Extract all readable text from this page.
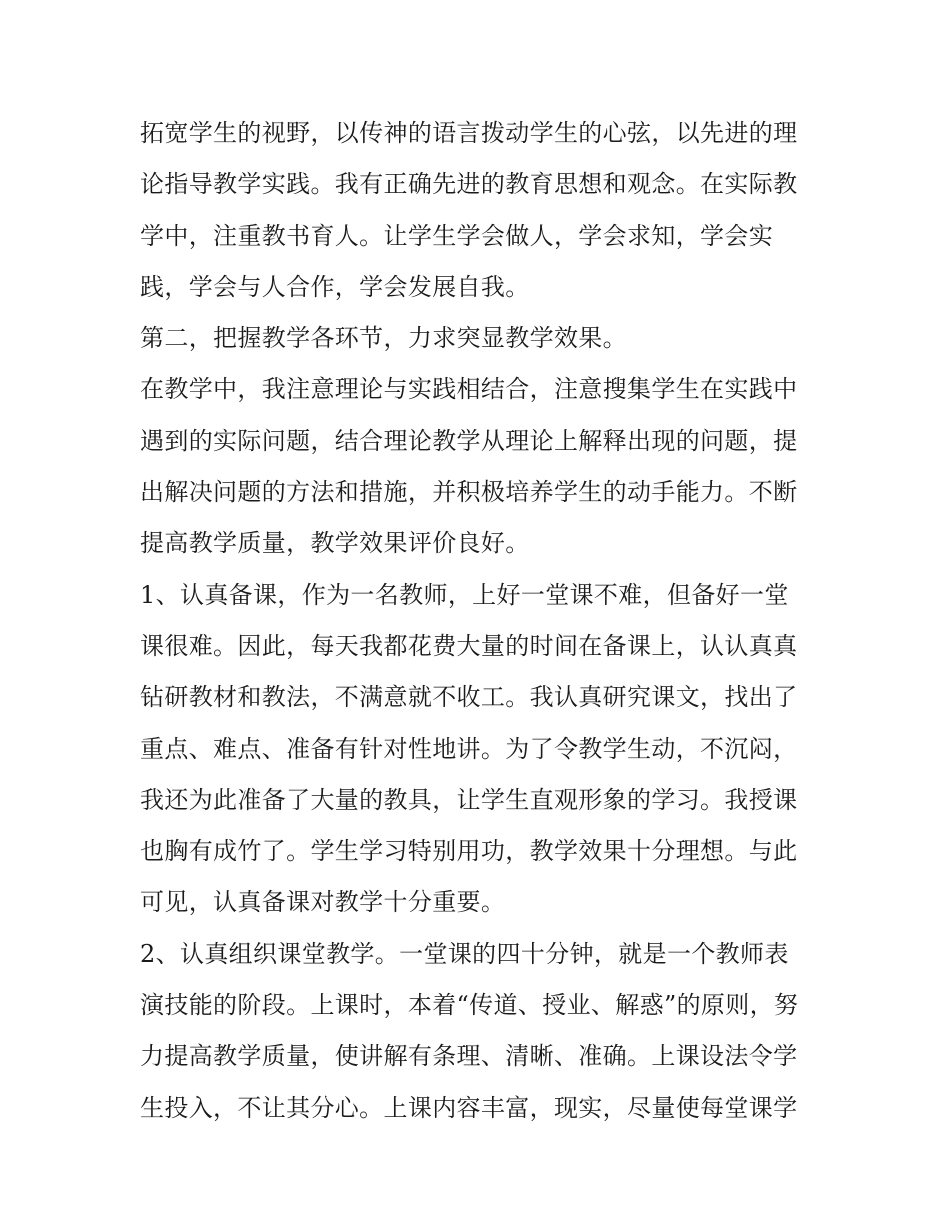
拓宽学生的视野，以传神的语言拨动学生的心弦，以先进的理
论指导教学实践。我有正确先进的教育思想和观念。在实际教
学中，注重教书育人。让学生学会做人，学会求知，学会实
践，学会与人合作，学会发展自我。
第二，把握教学各环节，力求突显教学效果。
在教学中，我注意理论与实践相结合，注意搜集学生在实践中
遇到的实际问题，结合理论教学从理论上解释出现的问题，提
出解决问题的方法和措施，并积极培养学生的动手能力。不断
提高教学质量，教学效果评价良好。
1、认真备课，作为一名教师，上好一堂课不难，但备好一堂
课很难。因此，每天我都花费大量的时间在备课上，认认真真
钻研教材和教法，不满意就不收工。我认真研究课文，找出了
重点、难点、准备有针对性地讲。为了令教学生动，不沉闷，
我还为此准备了大量的教具，让学生直观形象的学习。我授课
也胸有成竹了。学生学习特别用功，教学效果十分理想。与此
可见，认真备课对教学十分重要。
2、认真组织课堂教学。一堂课的四十分钟，就是一个教师表
演技能的阶段。上课时，本着“传道、授业、解惑”的原则，努
力提高教学质量，使讲解有条理、清晰、准确。上课设法令学
生投入，不让其分心。上课内容丰富，现实，尽量使每堂课学
